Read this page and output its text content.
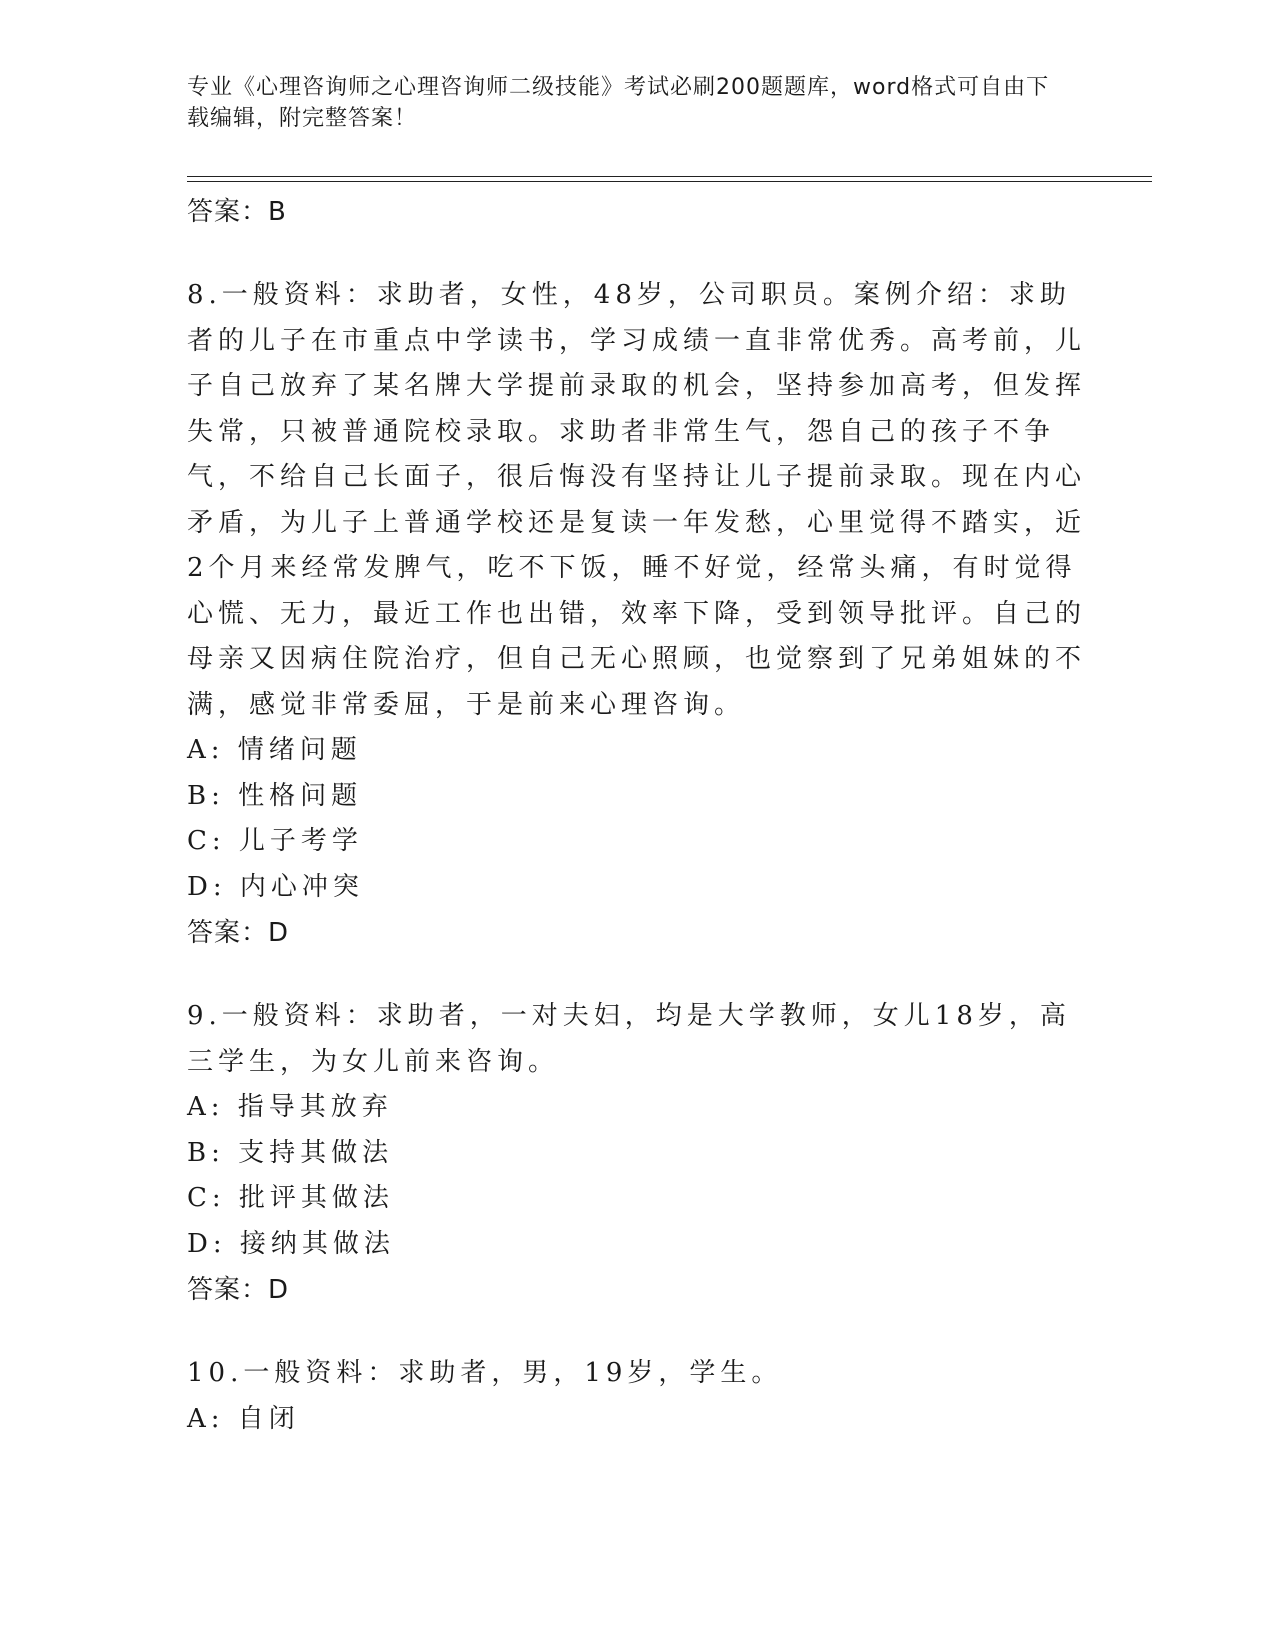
专业《心理咨询师之心理咨询师二级技能》考试必刷200题题库，word格式可自由下载编辑，附完整答案！
答案：B
8.一般资料：求助者，女性，48岁，公司职员。案例介绍：求助者的儿子在市重点中学读书，学习成绩一直非常优秀。高考前，儿子自己放弃了某名牌大学提前录取的机会，坚持参加高考，但发挥失常，只被普通院校录取。求助者非常生气，怨自己的孩子不争气，不给自己长面子，很后悔没有坚持让儿子提前录取。现在内心矛盾，为儿子上普通学校还是复读一年发愁，心里觉得不踏实，近2个月来经常发脾气，吃不下饭，睡不好觉，经常头痛，有时觉得心慌、无力，最近工作也出错，效率下降，受到领导批评。自己的母亲又因病住院治疗，但自己无心照顾，也觉察到了兄弟姐妹的不满，感觉非常委屈，于是前来心理咨询。
A: 情绪问题
B: 性格问题
C: 儿子考学
D: 内心冲突
答案：D
9.一般资料：求助者，一对夫妇，均是大学教师，女儿18岁，高三学生，为女儿前来咨询。
A: 指导其放弃
B: 支持其做法
C: 批评其做法
D: 接纳其做法
答案：D
10.一般资料：求助者，男，19岁，学生。
A: 自闭
